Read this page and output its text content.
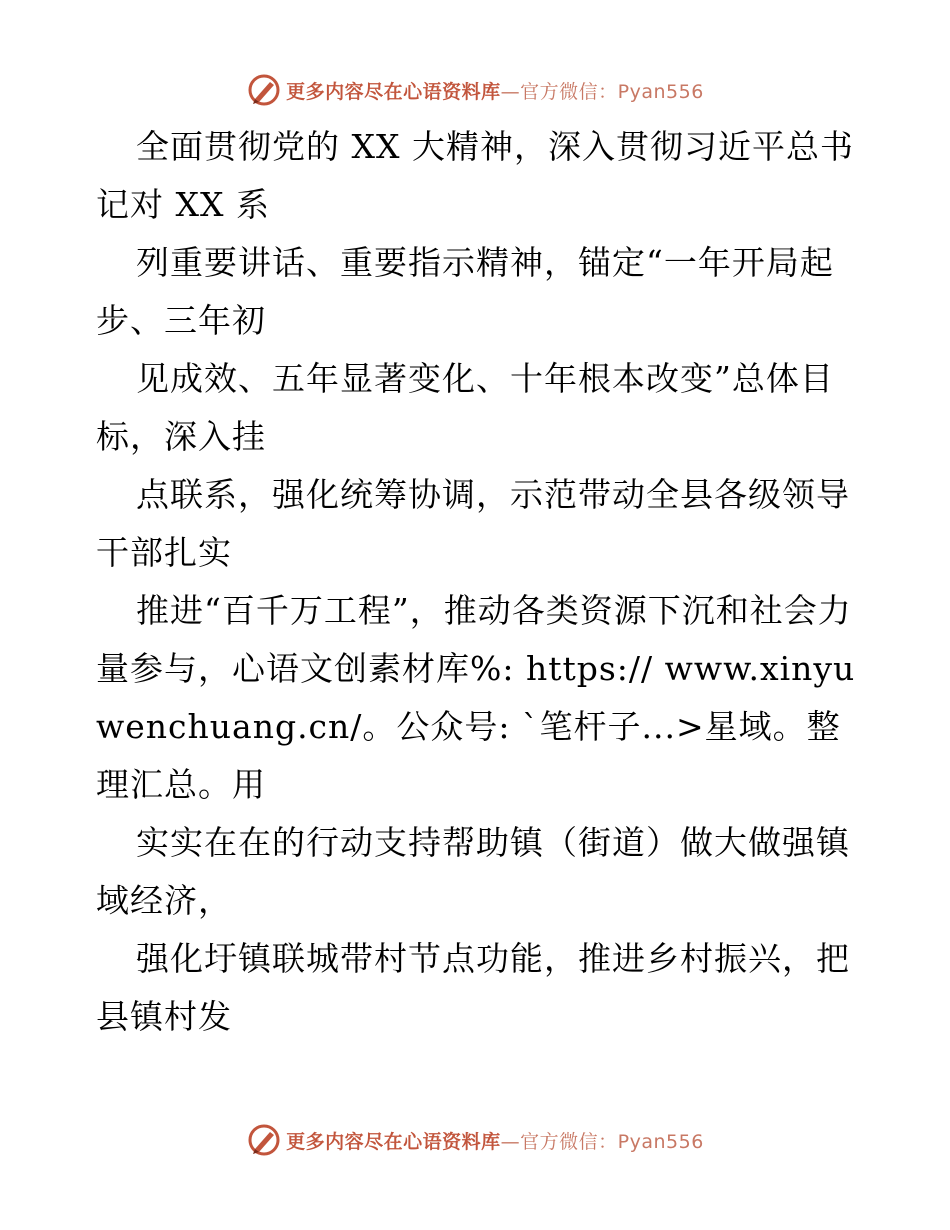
更多内容尽在心语资料库—官方微信：Pyan556

全面贯彻党的 XX 大精神，深入贯彻习近平总书记对 XX 系

列重要讲话、重要指示精神，锚定“一年开局起步、三年初

见成效、五年显著变化、十年根本改变”总体目标，深入挂

点联系，强化统筹协调，示范带动全县各级领导干部扎实

推进“百千万工程”，推动各类资源下沉和社会力量参与，心语文创素材库%: https:// www.xinyuwenchuang.cn/。公众号: `笔杆子...>星域。整理汇总。用

实实在在的行动支持帮助镇（街道）做大做强镇域经济，

强化圩镇联城带村节点功能，推进乡村振兴，把县镇村发

更多内容尽在心语资料库—官方微信：Pyan556
